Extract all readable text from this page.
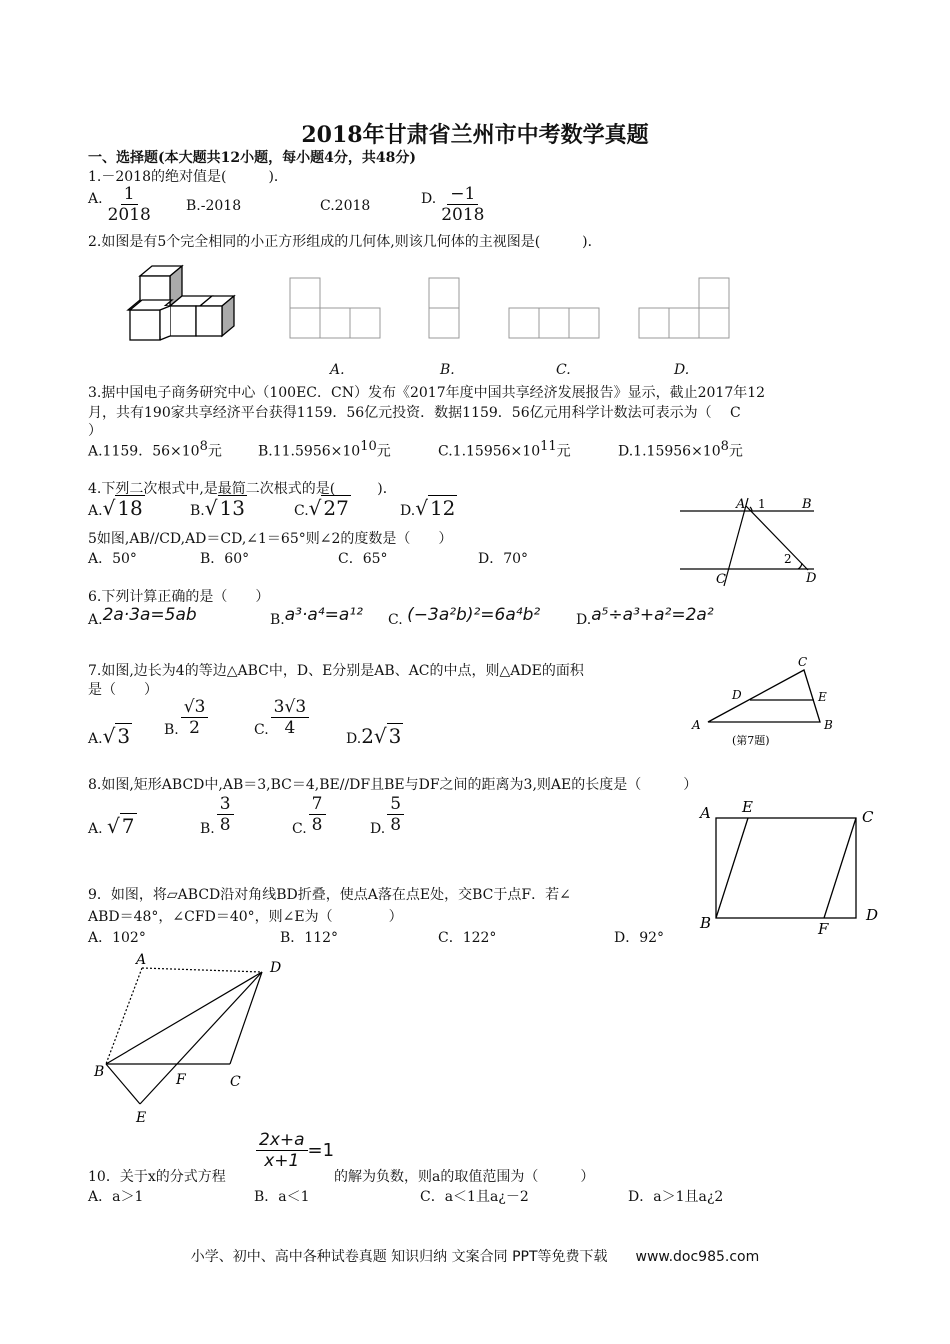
2018年甘肃省兰州市中考数学真题
一、选择题(本大题共12小题，每小题4分，共48分)
1.－2018的绝对值是(　　　)．
A. $\frac{1}{2018} B.-2018$	C.2018	D. $\frac{-1}{2018}$
2.如图是有5个完全相同的小正方形组成的几何体,则该几何体的主视图是(　　　)．
A.	B.	C.	D.
3.据中国电子商务研究中心（100EC．CN）发布《2017年度中国共享经济发展报告》显示，截止2017年12
月，共有190家共享经济平台获得1159．56亿元投资．数据1159．56亿元用科学计数法可表示为（　 C
）
A.1159．$56\times 10^8$元	$B.11.5956\times 10^{10}$元	$C.1.15956\times 10^{11}$元	$D.1.15956\times 10^8$元
4.下列二次根式中,是最简二次根式的是(　　　)．
A.√ 18	B.√ 13	C.√ 27	D.√ 12
5如图,AB//CD,AD＝CD,∠1＝65°则∠2的度数是（　　）
A．50°	B．60°	C．65°	D．70°
A 1	B
2
C	D
6.下列计算正确的是（　　）
A.2a·3a=5ab	B.a³·a⁴=a¹² C. (−3a²b)²=6a⁴b²	D.a⁵÷a³+a²=2a²
7.如图,边长为4的等边△ABC中，D、E分别是AB、AC的中点，则△ADE的面积
是（　　）
A.√ 3 B. $\frac{√3}{2}$	C. $\frac{3√3}{4}$
D.2√ 3
C
D	E
A	B
(第7题)
8.如图,矩形ABCD中,AB＝3,BC＝4,BE//DF且BE与DF之间的距离为3,则AE的长度是（　　　）
A. √ 7	B. $\frac{3}{8}$	C. $\frac{7}{8}$	D. $\frac{5}{8}$	A E
C
B	F
D
9．如图，将▱ABCD沿对角线BD折叠，使点A落在点E处，交BC于点F．若∠
ABD＝48°，∠CFD＝40°，则∠E为（　　　　）
A．102°	B．112°	C．122°	D．92°
A	D
B	F	C
E
10．关于x的分式方程
$\frac{2x+a}{x+1} =1$
的解为负数，则a的取值范围为（　　　）
A．a＞1	B．a＜1	C．a＜1且a¿－2	D．a＞1且a¿2
小学、初中、高中各种试卷真题 知识归纳 文案合同 PPT等免费下载　　www.doc985.com
